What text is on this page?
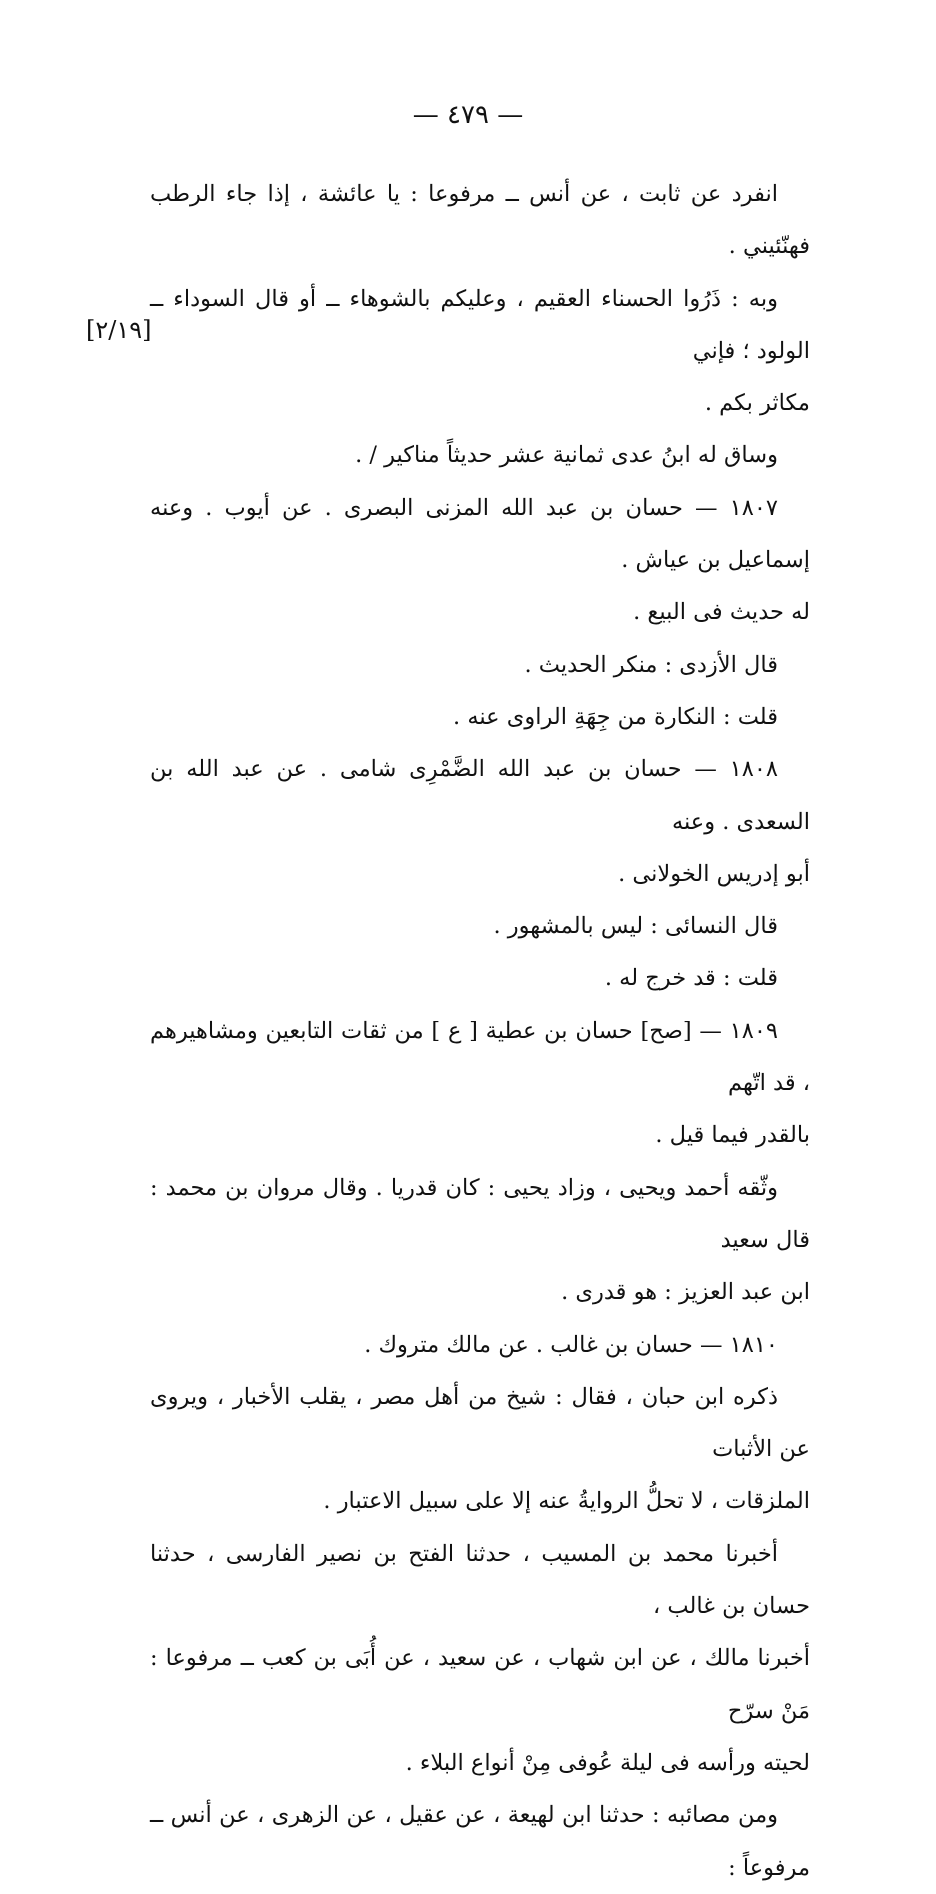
— ٤٧٩ —
[٢/١٩]

انفرد عن ثابت ، عن أنس ــ مرفوعا : يا عائشة ، إذا جاء الرطب فهنّئيني .

وبه : ذَرُوا الحسناء العقيم ، وعليكم بالشوهاء ــ أو قال السوداء ــ الولود ؛ فإني

مكاثر بكم .

وساق له ابنُ عدى ثمانية عشر حديثاً مناكير / .

١٨٠٧ — حسان بن عبد الله المزنى البصرى . عن أيوب . وعنه إسماعيل بن عياش .

له حديث فى البيع .

قال الأزدى : منكر الحديث .

قلت : النكارة من جِهَةِ الراوى عنه .

١٨٠٨ — حسان بن عبد الله الضَّمْرِى شامى . عن عبد الله بن السعدى . وعنه

أبو إدريس الخولانى .

قال النسائى : ليس بالمشهور .

قلت : قد خرج له .

١٨٠٩ — [صح] حسان بن عطية [ ع ] من ثقات التابعين ومشاهيرهم ، قد اتّهم

بالقدر فيما قيل .

وثّقه أحمد ويحيى ، وزاد يحيى : كان قدريا . وقال مروان بن محمد : قال سعيد

ابن عبد العزيز : هو قدرى .

١٨١٠ — حسان بن غالب . عن مالك متروك .

ذكره ابن حبان ، فقال : شيخ من أهل مصر ، يقلب الأخبار ، ويروى عن الأثبات

الملزقات ، لا تحلُّ الروايةُ عنه إلا على سبيل الاعتبار .

أخبرنا محمد بن المسيب ، حدثنا الفتح بن نصير الفارسى ، حدثنا حسان بن غالب ،

أخبرنا مالك ، عن ابن شهاب ، عن سعيد ، عن أُبَى بن كعب ــ مرفوعا : مَنْ سرّح

لحيته ورأسه فى ليلة عُوفى مِنْ أنواع البلاء .

ومن مصائبه : حدثنا ابن لهيعة ، عن عقيل ، عن الزهرى ، عن أنس ــ مرفوعاً :
